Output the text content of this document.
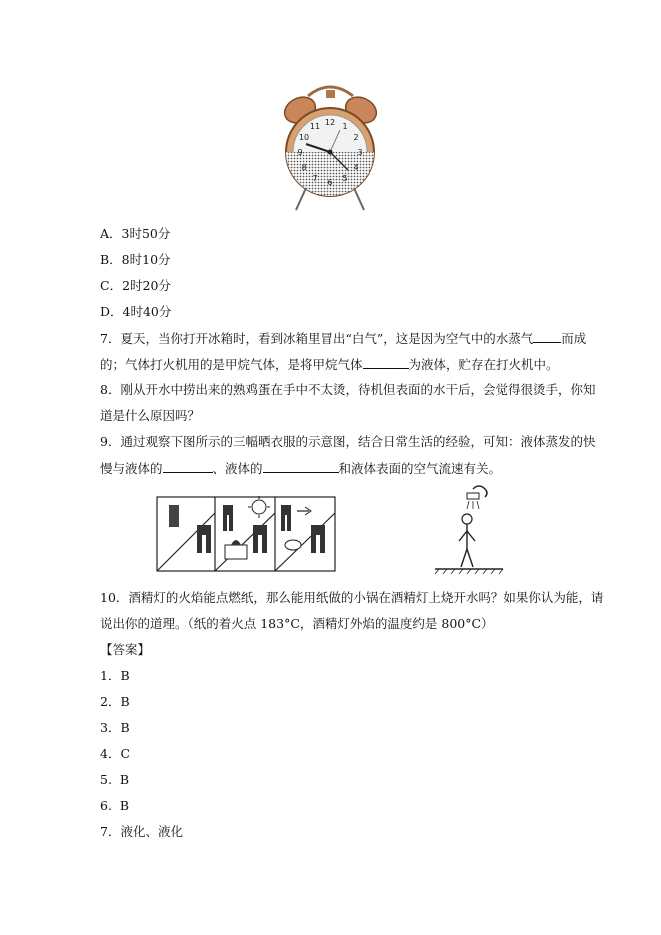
12 1
2
3
4
5
6
7
8
9
10
11
A．3时50分
B．8时10分
C．2时20分
D．4时40分
7．夏天，当你打开冰箱时，看到冰箱里冒出“白气”，这是因为空气中的水蒸气 而成
的；气体打火机用的是甲烷气体，是将甲烷气体	为液体，贮存在打火机中。
8．刚从开水中捞出来的熟鸡蛋在手中不太烫，待机但表面的水干后，会觉得很烫手，你知
道是什么原因吗？
9．通过观察下图所示的三幅晒衣服的示意图，结合日常生活的经验，可知：液体蒸发的快
慢与液体的	、液体的	和液体表面的空气流速有关。
10．酒精灯的火焰能点燃纸，那么能用纸做的小锅在酒精灯上烧开水吗？如果你认为能，请
说出你的道理。（纸的着火点 183°C，酒精灯外焰的温度约是 800°C）
【答案】
1．B
2．B
3．B
4．C
5.  B
6.  B
7．液化、液化
